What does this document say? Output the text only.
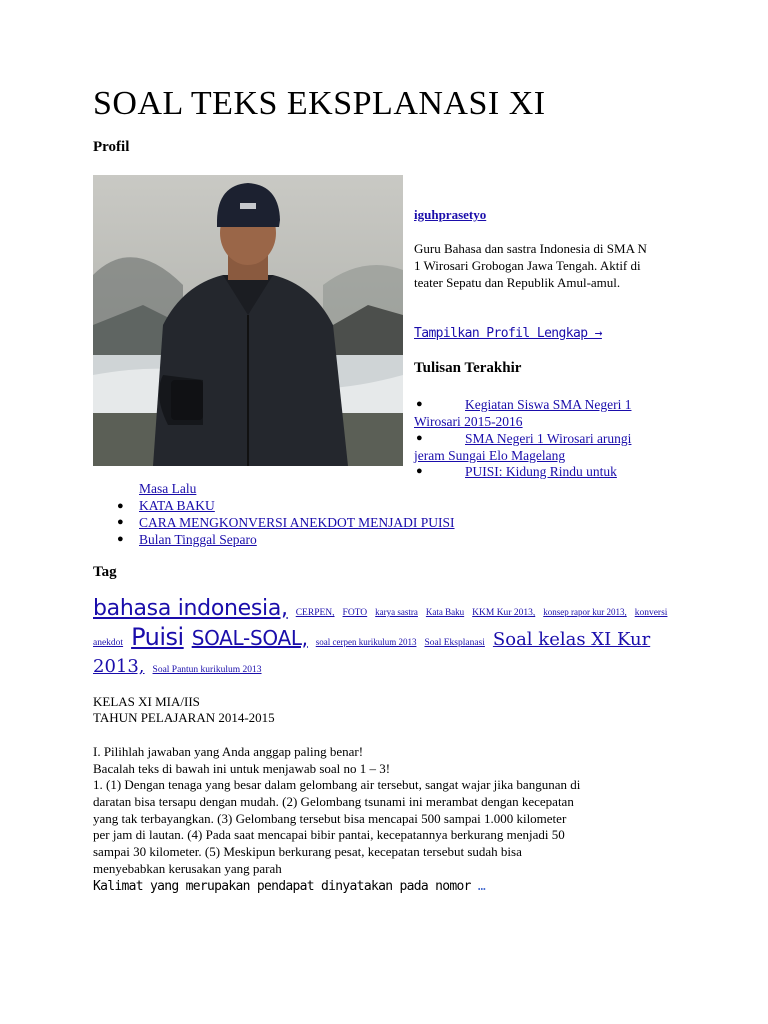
SOAL TEKS EKSPLANASI XI
Profil
iguhprasetyo
Guru Bahasa dan sastra Indonesia di SMA N 1 Wirosari Grobogan Jawa Tengah. Aktif di teater Sepatu dan Republik Amul-amul.
Tampilkan Profil Lengkap →
Tulisan Terakhir
●	Kegiatan Siswa SMA Negeri 1
Wirosari 2015-2016
●	SMA Negeri 1 Wirosari arungi
jeram Sungai Elo Magelang
●	PUISI: Kidung Rindu untuk
Masa Lalu
● KATA BAKU
● CARA MENGKONVERSI ANEKDOT MENJADI PUISI
● Bulan Tinggal Separo
Tag
bahasa indonesia, CERPEN, FOTO karya sastra Kata Baku KKM Kur 2013, konsep rapor kur 2013, konversi anekdot Puisi SOAL-SOAL, soal cerpen kurikulum 2013 Soal Eksplanasi Soal kelas XI Kur 2013, Soal Pantun kurikulum 2013
KELAS XI MIA/IIS
TAHUN PELAJARAN 2014-2015
I. Pilihlah jawaban yang Anda anggap paling benar!
Bacalah teks di bawah ini untuk menjawab soal no 1 – 3!
1. (1) Dengan tenaga yang besar dalam gelombang air tersebut, sangat wajar jika bangunan di
daratan bisa tersapu dengan mudah. (2) Gelombang tsunami ini merambat dengan kecepatan
yang tak terbayangkan. (3) Gelombang tersebut bisa mencapai 500 sampai 1.000 kilometer
per jam di lautan. (4) Pada saat mencapai bibir pantai, kecepatannya berkurang menjadi 50
sampai 30 kilometer. (5) Meskipun berkurang pesat, kecepatan tersebut sudah bisa
menyebabkan kerusakan yang parah
Kalimat yang merupakan pendapat dinyatakan pada nomor …
